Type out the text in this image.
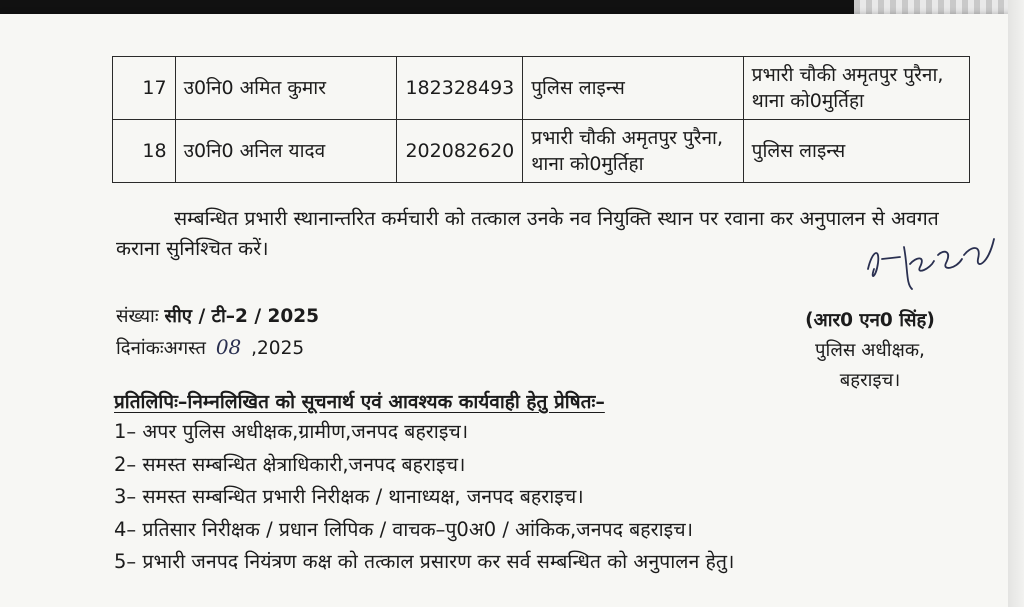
17	उ0नि0 अमित कुमार	182328493	पुलिस लाइन्स	प्रभारी चौकी अमृतपुर पुरैना, थाना को0मुर्तिहा
18	उ0नि0 अनिल यादव	202082620	प्रभारी चौकी अमृतपुर पुरैना, थाना को0मुर्तिहा	पुलिस लाइन्स

सम्बन्धित प्रभारी स्थानान्तरित कर्मचारी को तत्काल उनके नव नियुक्ति स्थान पर रवाना कर अनुपालन से अवगत कराना सुनिश्चित करें।

संख्याः सीए / टी–2 / 2025
दिनांकःअगस्त 08 ,2025
(आर0 एन0 सिंह)
पुलिस अधीक्षक,
बहराइच।
प्रतिलिपिः–निम्नलिखित को सूचनार्थ एवं आवश्यक कार्यवाही हेतु प्रेषितः–
1– अपर पुलिस अधीक्षक,ग्रामीण,जनपद बहराइच।
2– समस्त सम्बन्धित क्षेत्राधिकारी,जनपद बहराइच।
3– समस्त सम्बन्धित प्रभारी निरीक्षक / थानाध्यक्ष, जनपद बहराइच।
4– प्रतिसार निरीक्षक / प्रधान लिपिक / वाचक–पु0अ0 / आंकिक,जनपद बहराइच।
5– प्रभारी जनपद नियंत्रण कक्ष को तत्काल प्रसारण कर सर्व सम्बन्धित को अनुपालन हेतु।
